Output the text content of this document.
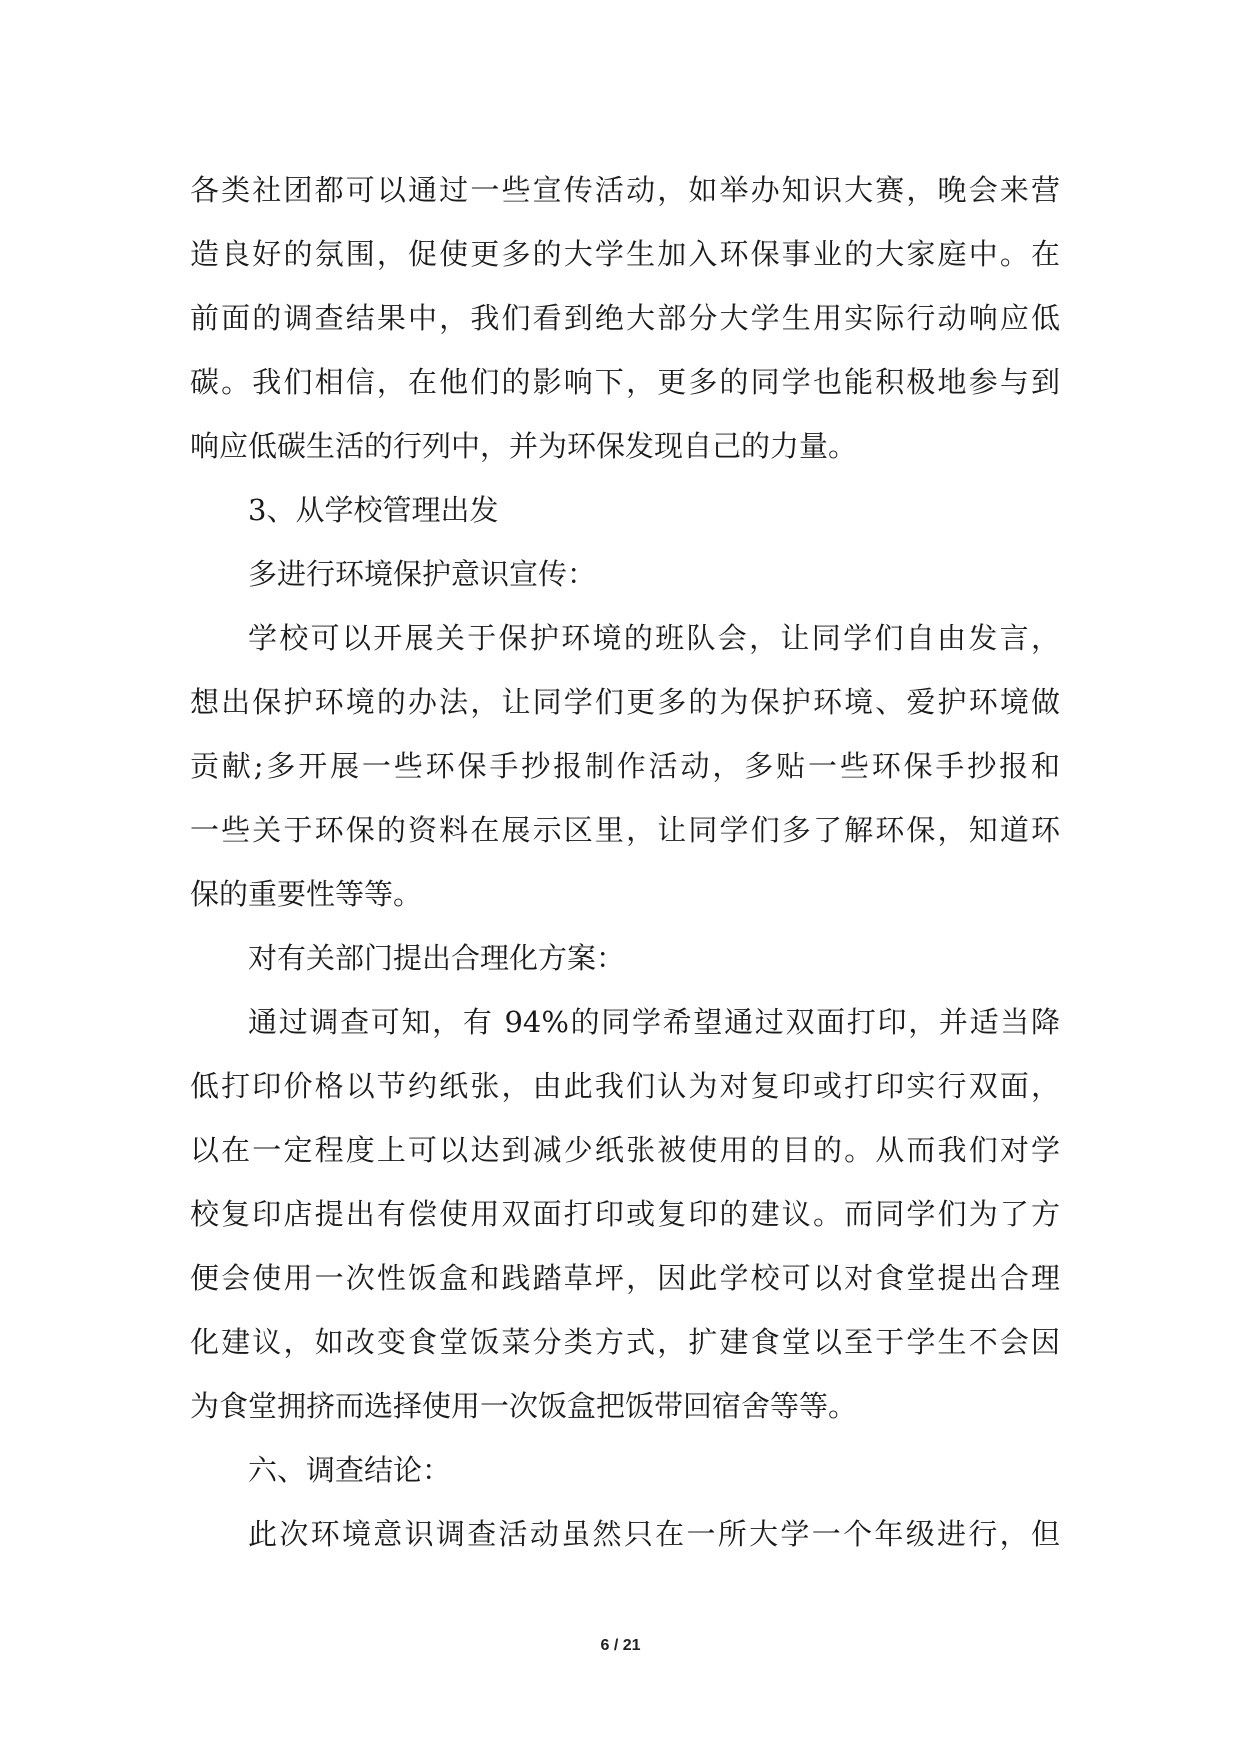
各类社团都可以通过一些宣传活动，如举办知识大赛，晚会来营
造良好的氛围，促使更多的大学生加入环保事业的大家庭中。在
前面的调查结果中，我们看到绝大部分大学生用实际行动响应低
碳。我们相信，在他们的影响下，更多的同学也能积极地参与到
响应低碳生活的行列中，并为环保发现自己的力量。
3、从学校管理出发
多进行环境保护意识宣传：
学校可以开展关于保护环境的班队会，让同学们自由发言，
想出保护环境的办法，让同学们更多的为保护环境、爱护环境做
贡献;多开展一些环保手抄报制作活动，多贴一些环保手抄报和
一些关于环保的资料在展示区里，让同学们多了解环保，知道环
保的重要性等等。
对有关部门提出合理化方案：
通过调查可知，有 94%的同学希望通过双面打印，并适当降
低打印价格以节约纸张，由此我们认为对复印或打印实行双面，
以在一定程度上可以达到减少纸张被使用的目的。从而我们对学
校复印店提出有偿使用双面打印或复印的建议。而同学们为了方
便会使用一次性饭盒和践踏草坪，因此学校可以对食堂提出合理
化建议，如改变食堂饭菜分类方式，扩建食堂以至于学生不会因
为食堂拥挤而选择使用一次饭盒把饭带回宿舍等等。
六、调查结论：
此次环境意识调查活动虽然只在一所大学一个年级进行，但
6 / 21
